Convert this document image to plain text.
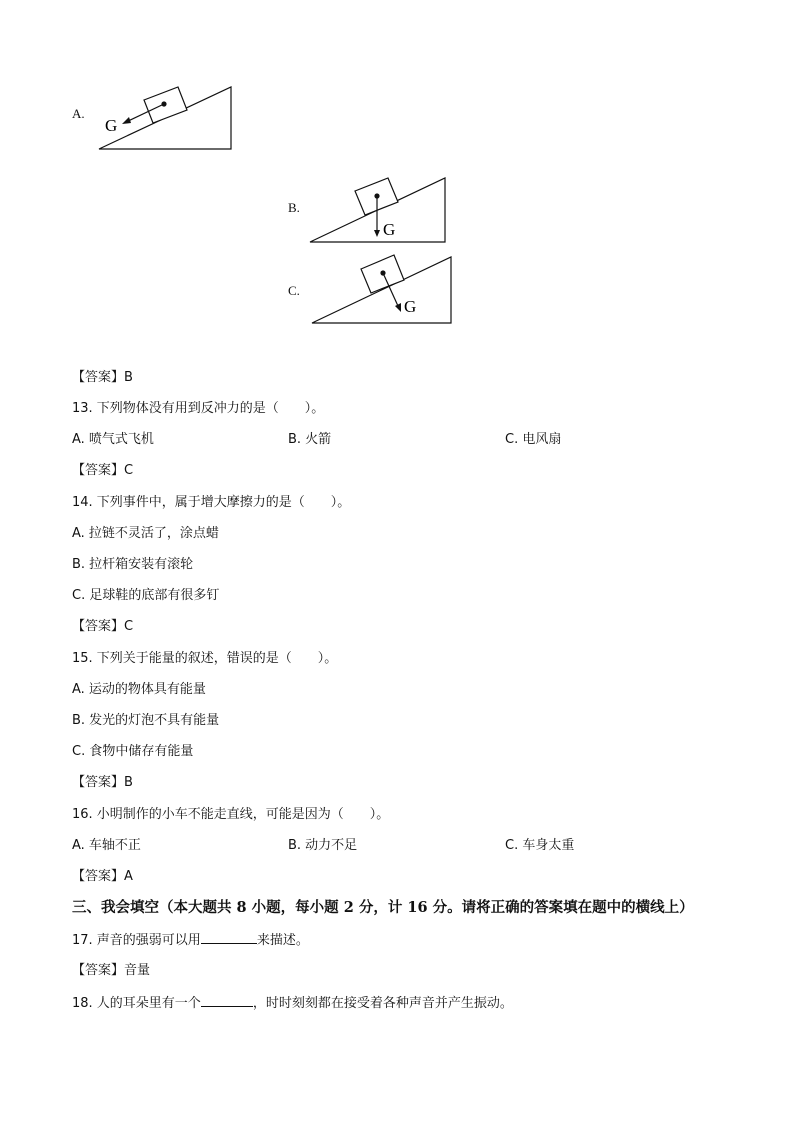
A.
G
B.
G
C.
G
【答案】B
13. 下列物体没有用到反冲力的是（　　）。
A. 喷气式飞机	B. 火箭	C. 电风扇
【答案】C
14. 下列事件中，属于增大摩擦力的是（　　）。
A. 拉链不灵活了，涂点蜡
B. 拉杆箱安装有滚轮
C. 足球鞋的底部有很多钉
【答案】C
15. 下列关于能量的叙述，错误的是（　　）。
A. 运动的物体具有能量
B. 发光的灯泡不具有能量
C. 食物中储存有能量
【答案】B
16. 小明制作的小车不能走直线，可能是因为（　　）。
A. 车轴不正	B. 动力不足	C. 车身太重
【答案】A
三、我会填空（本大题共 8 小题，每小题 2 分，计 16 分。请将正确的答案填在题中的横线上）
17. 声音的强弱可以用	来描述。
【答案】音量
18. 人的耳朵里有一个	，时时刻刻都在接受着各种声音并产生振动。
